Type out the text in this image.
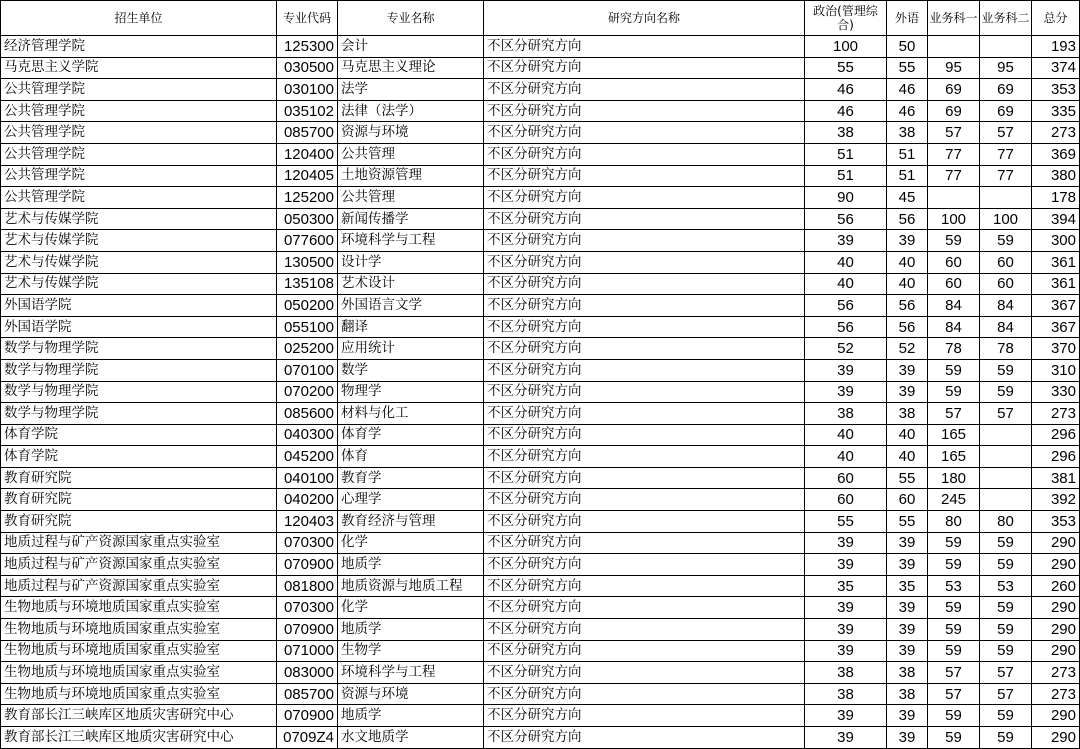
招生单位	专业代码	专业名称	研究方向名称	政治(管理综合)	外语	业务科一	业务科二	总分
经济管理学院	125300	会计	不区分研究方向	100	50			193
马克思主义学院	030500	马克思主义理论	不区分研究方向	55	55	95	95	374
公共管理学院	030100	法学	不区分研究方向	46	46	69	69	353
公共管理学院	035102	法律（法学）	不区分研究方向	46	46	69	69	335
公共管理学院	085700	资源与环境	不区分研究方向	38	38	57	57	273
公共管理学院	120400	公共管理	不区分研究方向	51	51	77	77	369
公共管理学院	120405	土地资源管理	不区分研究方向	51	51	77	77	380
公共管理学院	125200	公共管理	不区分研究方向	90	45			178
艺术与传媒学院	050300	新闻传播学	不区分研究方向	56	56	100	100	394
艺术与传媒学院	077600	环境科学与工程	不区分研究方向	39	39	59	59	300
艺术与传媒学院	130500	设计学	不区分研究方向	40	40	60	60	361
艺术与传媒学院	135108	艺术设计	不区分研究方向	40	40	60	60	361
外国语学院	050200	外国语言文学	不区分研究方向	56	56	84	84	367
外国语学院	055100	翻译	不区分研究方向	56	56	84	84	367
数学与物理学院	025200	应用统计	不区分研究方向	52	52	78	78	370
数学与物理学院	070100	数学	不区分研究方向	39	39	59	59	310
数学与物理学院	070200	物理学	不区分研究方向	39	39	59	59	330
数学与物理学院	085600	材料与化工	不区分研究方向	38	38	57	57	273
体育学院	040300	体育学	不区分研究方向	40	40	165		296
体育学院	045200	体育	不区分研究方向	40	40	165		296
教育研究院	040100	教育学	不区分研究方向	60	55	180		381
教育研究院	040200	心理学	不区分研究方向	60	60	245		392
教育研究院	120403	教育经济与管理	不区分研究方向	55	55	80	80	353
地质过程与矿产资源国家重点实验室	070300	化学	不区分研究方向	39	39	59	59	290
地质过程与矿产资源国家重点实验室	070900	地质学	不区分研究方向	39	39	59	59	290
地质过程与矿产资源国家重点实验室	081800	地质资源与地质工程	不区分研究方向	35	35	53	53	260
生物地质与环境地质国家重点实验室	070300	化学	不区分研究方向	39	39	59	59	290
生物地质与环境地质国家重点实验室	070900	地质学	不区分研究方向	39	39	59	59	290
生物地质与环境地质国家重点实验室	071000	生物学	不区分研究方向	39	39	59	59	290
生物地质与环境地质国家重点实验室	083000	环境科学与工程	不区分研究方向	38	38	57	57	273
生物地质与环境地质国家重点实验室	085700	资源与环境	不区分研究方向	38	38	57	57	273
教育部长江三峡库区地质灾害研究中心	070900	地质学	不区分研究方向	39	39	59	59	290
教育部长江三峡库区地质灾害研究中心	0709Z4	水文地质学	不区分研究方向	39	39	59	59	290
